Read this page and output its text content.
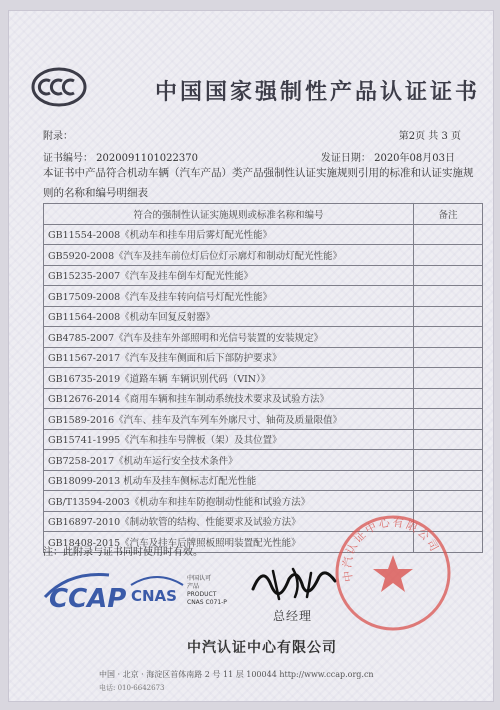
中国国家强制性产品认证证书
附录：	第2页 共 3 页
证书编号： 2020091101022370	发证日期： 2020年08月03日
本证书中产品符合机动车辆（汽车产品）类产品强制性认证实施规则引用的标准和认证实施规则的名称和编号明细表
符合的强制性认证实施规则或标准名称和编号	备注
GB11554-2008《机动车和挂车用后雾灯配光性能》	
GB5920-2008《汽车及挂车前位灯后位灯示廓灯和制动灯配光性能》	
GB15235-2007《汽车及挂车倒车灯配光性能》	
GB17509-2008《汽车及挂车转向信号灯配光性能》	
GB11564-2008《机动车回复反射器》	
GB4785-2007《汽车及挂车外部照明和光信号装置的安装规定》	
GB11567-2017《汽车及挂车侧面和后下部防护要求》	
GB16735-2019《道路车辆 车辆识别代码（VIN）》	
GB12676-2014《商用车辆和挂车制动系统技术要求及试验方法》	
GB1589-2016《汽车、挂车及汽车列车外廓尺寸、轴荷及质量限值》	
GB15741-1995《汽车和挂车号牌板（架）及其位置》	
GB7258-2017《机动车运行安全技术条件》	
GB18099-2013 机动车及挂车侧标志灯配光性能	
GB/T13594-2003《机动车和挂车防抱制动性能和试验方法》	
GB16897-2010《制动软管的结构、性能要求及试验方法》	
GB18408-2015《汽车及挂车后牌照板照明装置配光性能》	
注：此附录与证书同时使用时有效。
CCAP CNAS
中国认可
产品
PRODUCT
CNAS C071-P
总经理
中汽认证中心有限公司
中汽认证中心有限公司
中国 · 北京 · 海淀区首体南路 2 号 11 层 100044 http://www.ccap.org.cn
电话: 010-6642673
